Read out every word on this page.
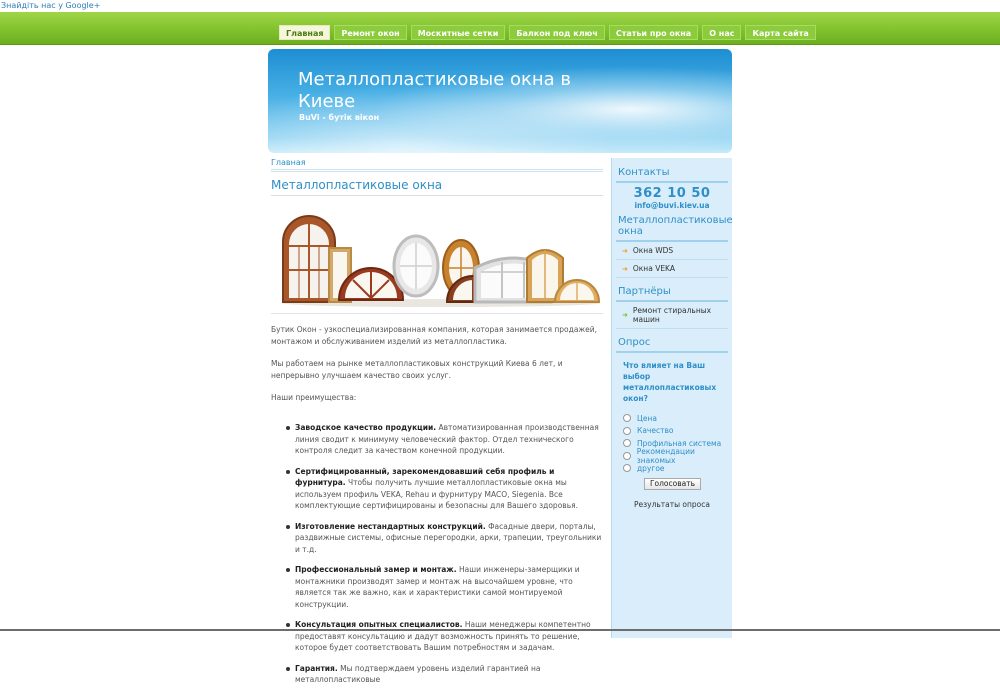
Знайдіть нас у Google+
Главная	Ремонт окон	Москитные сетки	Балкон под ключ	Статьи про окна	О нас	Карта сайта
Металлопластиковые окна в Киеве
BuVi - бутік вікон
Главная
Металлопластиковые окна

Бутик Окон - узкоспециализированная компания, которая занимается продажей, монтажом и обслуживанием изделий из металлопластика.

Мы работаем на рынке металлопластиковых конструкций Киева 6 лет, и непрерывно улучшаем качество своих услуг.

Наши преимущества:

Заводское качество продукции. Автоматизированная производственная линия сводит к минимуму человеческий фактор. Отдел технического контроля следит за качеством конечной продукции.
Сертифицированный, зарекомендовавший себя профиль и фурнитура. Чтобы получить лучшие металлопластиковые окна мы используем профиль VEKA, Rehau и фурнитуру MACO, Siegenia. Все комплектующие сертифицированы и безопасны для Вашего здоровья.
Изготовление нестандартных конструкций. Фасадные двери, порталы, раздвижные системы, офисные перегородки, арки, трапеции, треугольники и т.д.
Профессиональный замер и монтаж. Наши инженеры-замерщики и монтажники производят замер и монтаж на высочайшем уровне, что является так же важно, как и характеристики самой монтируемой конструкции.
Консультация опытных специалистов. Наши менеджеры компетентно предоставят консультацию и дадут возможность принять то решение, которое будет соответствовать Вашим потребностям и задачам.
Гарантия. Мы подтверждаем уровень изделий гарантией на металлопластиковые
Контакты
362 10 50
info@buvi.kiev.ua
Металлопластиковые окна
➜ Окна WDS
➜ Окна VEKA
Партнёры
➜ Ремонт стиральных машин
Опрос
Что влияет на Ваш выбор металлопластиковых окон?
Цена
Качество
Профильная система
Рекомендации знакомых
другое
Голосовать
Результаты опроса
